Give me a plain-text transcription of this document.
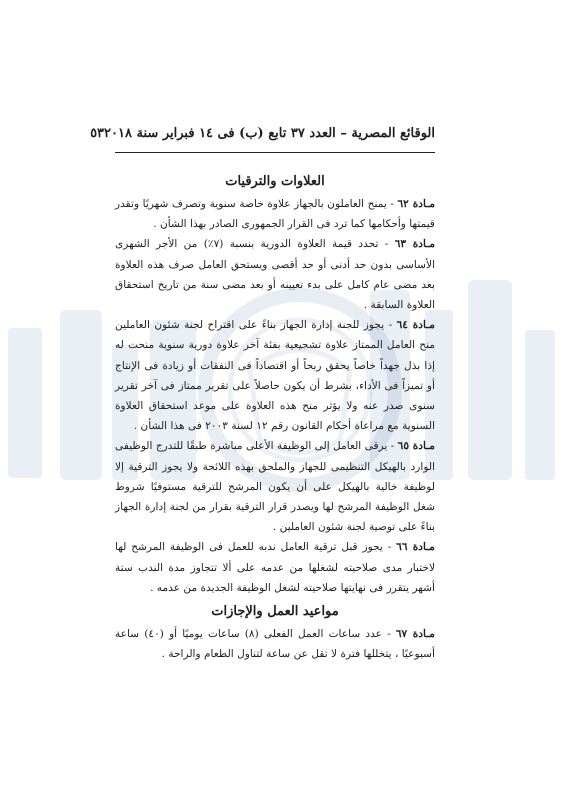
الوقائع المصرية – العدد ٣٧ تابع (ب) فى ١٤ فبراير سنة ٢٠١٨
٥٣

العلاوات والترقيات

مـادة ٦٢ - يمنح العاملون بالجهاز علاوة خاصة سنوية وتصرف شهريًا وتقدر قيمتها وأحكامها كما ترد فى القرار الجمهورى الصادر بهذا الشأن .

مـادة ٦٣ - تحدد قيمة العلاوة الدورية بنسبة (٧٪) من الأجر الشهرى الأساسى بدون حد أدنى أو حد أقصى ويستحق العامل صرف هذه العلاوة بعد مضى عام كامل على بدء تعيينه أو بعد مضى سنة من تاريخ استحقاق العلاوة السابقة .

مـادة ٦٤ - يجوز للجنة إدارة الجهاز بناءً على اقتراح لجنة شئون العاملين منح العامل الممتاز علاوة تشجيعية بفئة آخر علاوة دورية سنوية منحت له إذا بذل جهداً خاصاً يحقق ربحاً أو اقتصاداً فى النفقات أو زيادة فى الإنتاج أو تميزاً فى الأداء، بشرط أن يكون حاصلاً على تقرير ممتاز فى آخر تقرير سنوى صدر عنه ولا يؤثر منح هذه العلاوة على موعد استحقاق العلاوة السنوية مع مراعاة أحكام القانون رقم ١٢ لسنة ٢٠٠٣ فى هذا الشأن .

مـادة ٦٥ - يرقى العامل إلى الوظيفة الأعلى مباشرة طبقًا للتدرج الوظيفى الوارد بالهيكل التنظيمى للجهاز والملحق بهذه اللائحة ولا يجوز الترقية إلا لوظيفة خالية بالهيكل على أن يكون المرشح للترقية مستوفيًا شروط شغل الوظيفة المرشح لها ويصدر قرار الترقية بقرار من لجنة إدارة الجهاز بناءً على توصية لجنة شئون العاملين .

مـادة ٦٦ - يجوز قبل ترقية العامل ندبه للعمل فى الوظيفة المرشح لها لاختبار مدى صلاحيته لشغلها من عدمه على ألا تتجاوز مدة الندب ستة أشهر يتقرر فى نهايتها صلاحيته لشغل الوظيفة الجديدة من عدمه .

مواعيد العمل والإجازات

مـادة ٦٧ - عدد ساعات العمل الفعلى (٨) ساعات يوميًا أو (٤٠) ساعة أسبوعيًا ، يتخللها فترة لا تقل عن ساعة لتناول الطعام والراحة .
